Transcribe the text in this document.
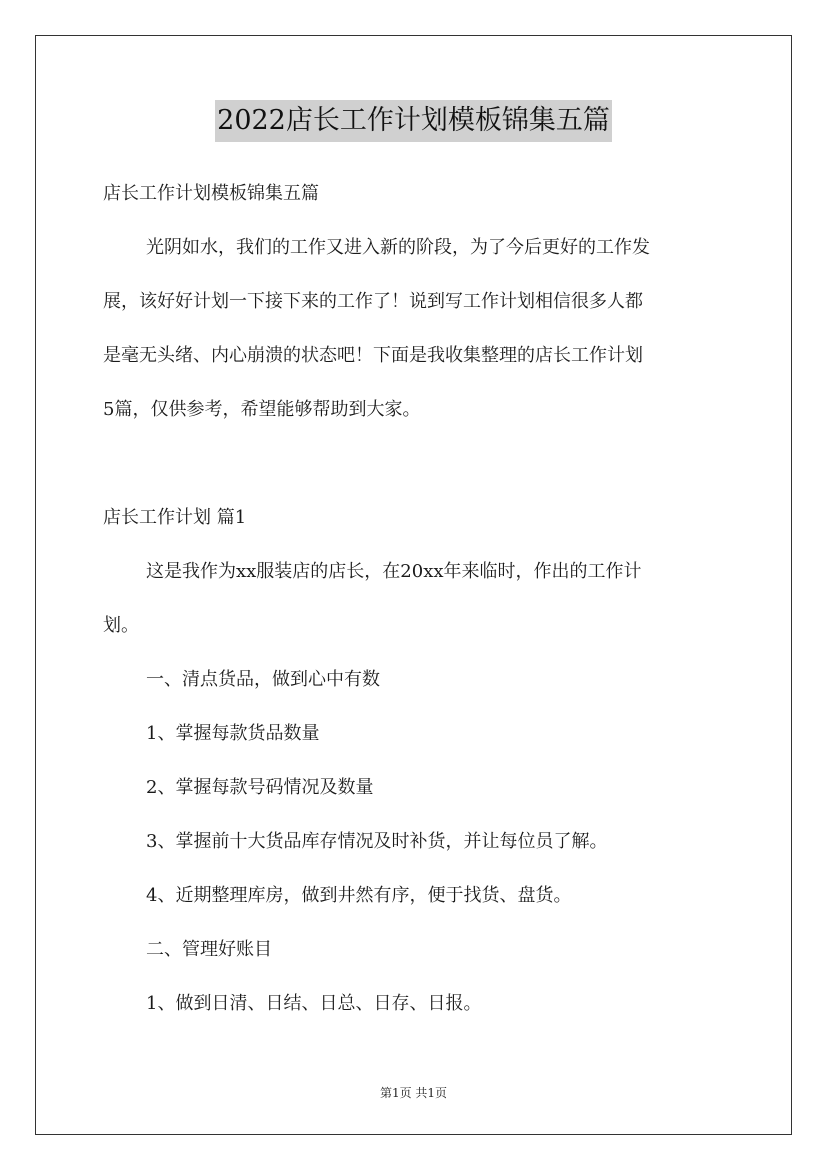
2022店长工作计划模板锦集五篇
店长工作计划模板锦集五篇
光阴如水，我们的工作又进入新的阶段，为了今后更好的工作发
展，该好好计划一下接下来的工作了！说到写工作计划相信很多人都
是毫无头绪、内心崩溃的状态吧！下面是我收集整理的店长工作计划
5篇，仅供参考，希望能够帮助到大家。
店长工作计划 篇1
这是我作为xx服装店的店长，在20xx年来临时，作出的工作计
划。
一、清点货品，做到心中有数
1、掌握每款货品数量
2、掌握每款号码情况及数量
3、掌握前十大货品库存情况及时补货，并让每位员了解。
4、近期整理库房，做到井然有序，便于找货、盘货。
二、管理好账目
1、做到日清、日结、日总、日存、日报。
第1页 共1页
